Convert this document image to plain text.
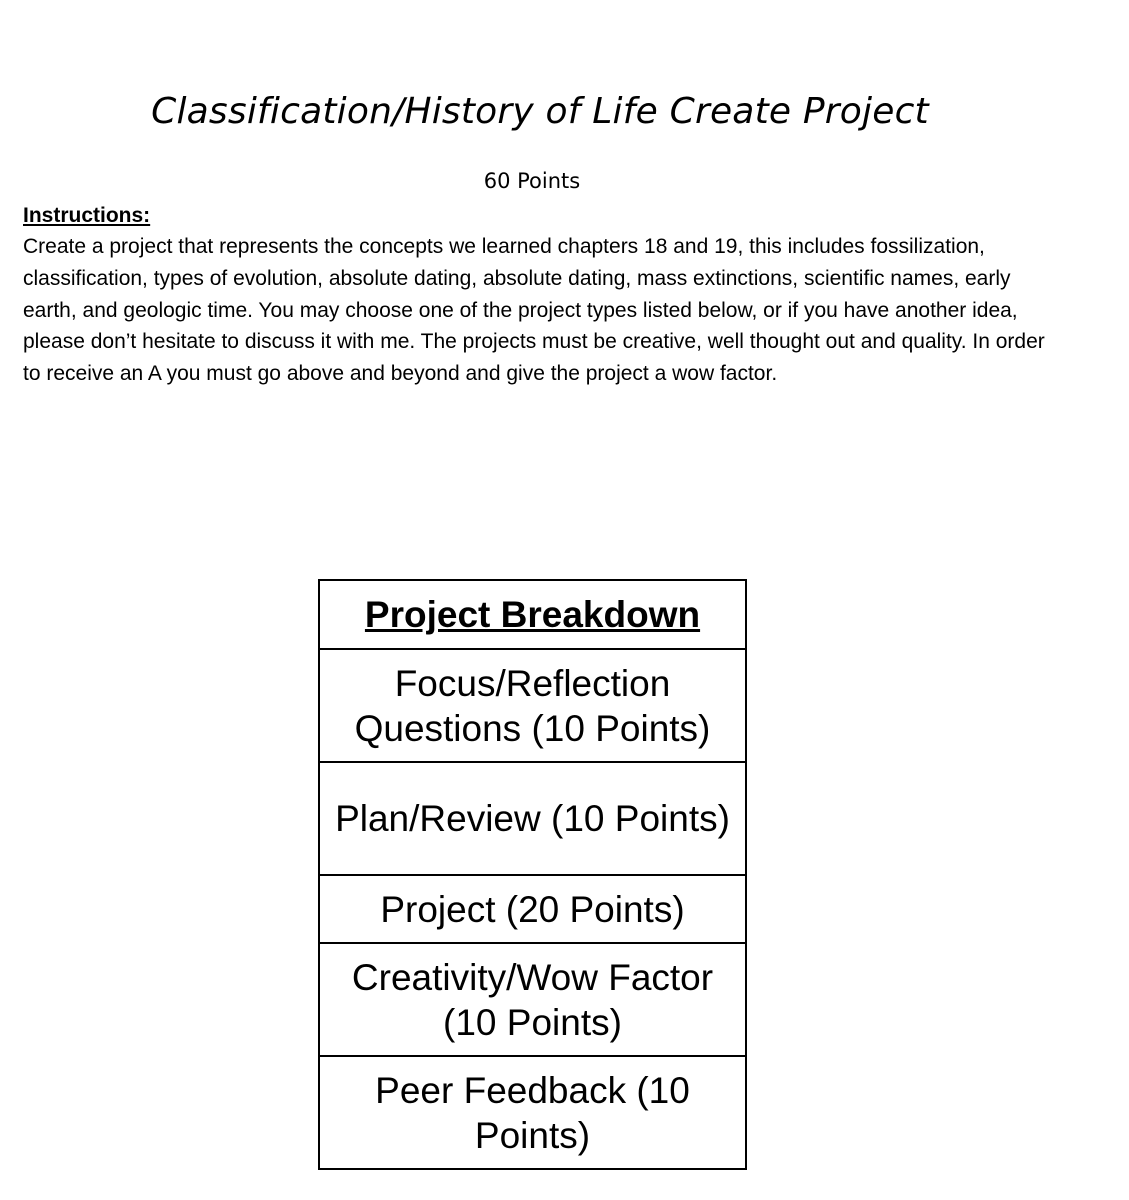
Classification/History of Life Create Project
60 Points
Instructions:

Create a project that represents the concepts we learned chapters 18 and 19, this includes fossilization, classification, types of evolution, absolute dating, absolute dating, mass extinctions, scientific names, early earth, and geologic time. You may choose one of the project types listed below, or if you have another idea, please don’t hesitate to discuss it with me. The projects must be creative, well thought out and quality. In order to receive an A you must go above and beyond and give the project a wow factor.

Project Breakdown
Focus/Reflection Questions (10 Points)
Plan/Review (10 Points)
Project (20 Points)
Creativity/Wow Factor (10 Points)
Peer Feedback (10 Points)
